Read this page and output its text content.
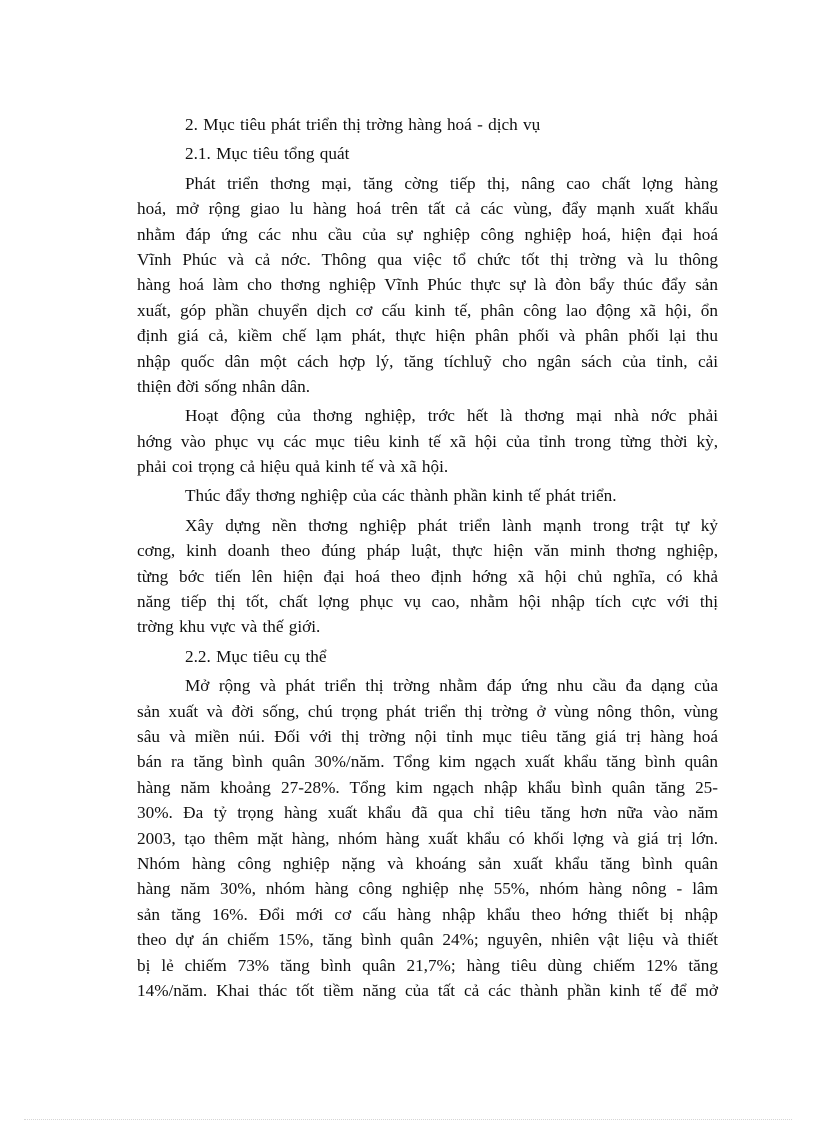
2. Mục tiêu phát triển thị trờng hàng hoá - dịch vụ
2.1. Mục tiêu tổng quát
Phát triển thơng mại, tăng cờng tiếp thị, nâng cao chất lợng hàng
hoá, mở rộng giao lu hàng hoá trên tất cả các vùng, đẩy mạnh xuất khẩu
nhằm đáp ứng các nhu cầu của sự nghiệp công nghiệp hoá, hiện đại hoá
Vĩnh Phúc và cả nớc. Thông qua việc tổ chức tốt thị trờng và lu thông
hàng hoá làm cho thơng nghiệp Vĩnh Phúc thực sự là đòn bẩy thúc đẩy sản
xuất, góp phần chuyển dịch cơ cấu kinh tế, phân công lao động xã hội, ổn
định giá cả, kiềm chế lạm phát, thực hiện phân phối và phân phối lại thu
nhập quốc dân một cách hợp lý, tăng tíchluỹ cho ngân sách của tỉnh, cải
thiện đời sống nhân dân.
Hoạt động của thơng nghiệp, trớc hết là thơng mại nhà nớc phải
hớng vào phục vụ các mục tiêu kinh tế xã hội của tỉnh trong từng thời kỳ,
phải coi trọng cả hiệu quả kinh tế và xã hội.
Thúc đẩy thơng nghiệp của các thành phần kinh tế phát triển.
Xây dựng nền thơng nghiệp phát triển lành mạnh trong trật tự kỷ
cơng, kinh doanh theo đúng pháp luật, thực hiện văn minh thơng nghiệp,
từng bớc tiến lên hiện đại hoá theo định hớng xã hội chủ nghĩa, có khả
năng tiếp thị tốt, chất lợng phục vụ cao, nhằm hội nhập tích cực với thị
trờng khu vực và thế giới.
2.2. Mục tiêu cụ thể
Mở rộng và phát triển thị trờng nhằm đáp ứng nhu cầu đa dạng của
sản xuất và đời sống, chú trọng phát triển thị trờng ở vùng nông thôn, vùng
sâu và miền núi. Đối với thị trờng nội tỉnh mục tiêu tăng giá trị hàng hoá
bán ra tăng bình quân 30%/năm. Tổng kim ngạch xuất khẩu tăng bình quân
hàng năm khoảng 27-28%. Tổng kim ngạch nhập khẩu bình quân tăng 25-
30%. Đa tỷ trọng hàng xuất khẩu đã qua chỉ tiêu tăng hơn nữa vào năm
2003, tạo thêm mặt hàng, nhóm hàng xuất khẩu có khối lợng và giá trị lớn.
Nhóm hàng công nghiệp nặng và khoáng sản xuất khẩu tăng bình quân
hàng năm 30%, nhóm hàng công nghiệp nhẹ 55%, nhóm hàng nông - lâm
sản tăng 16%. Đổi mới cơ cấu hàng nhập khẩu theo hớng thiết bị nhập
theo dự án chiếm 15%, tăng bình quân 24%; nguyên, nhiên vật liệu và thiết
bị lẻ chiếm 73% tăng bình quân 21,7%; hàng tiêu dùng chiếm 12% tăng
14%/năm. Khai thác tốt tiềm năng của tất cả các thành phần kinh tế để mở
